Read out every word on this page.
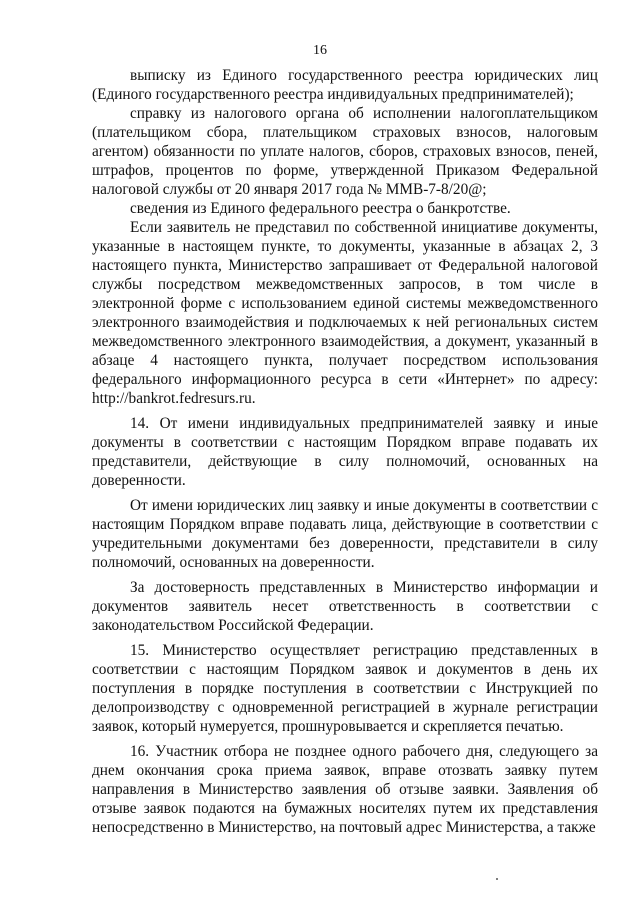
16

выписку из Единого государственного реестра юридических лиц (Единого государственного реестра индивидуальных предпринимателей);

справку из налогового органа об исполнении налогоплательщиком (плательщиком сбора, плательщиком страховых взносов, налоговым агентом) обязанности по уплате налогов, сборов, страховых взносов, пеней, штрафов, процентов по форме, утвержденной Приказом Федеральной налоговой службы от 20 января 2017 года № ММВ-7-8/20@;

сведения из Единого федерального реестра о банкротстве.

Если заявитель не представил по собственной инициативе документы, указанные в настоящем пункте, то документы, указанные в абзацах 2, 3 настоящего пункта, Министерство запрашивает от Федеральной налоговой службы посредством межведомственных запросов, в том числе в электронной форме с использованием единой системы межведомственного электронного взаимодействия и подключаемых к ней региональных систем межведомственного электронного взаимодействия, а документ, указанный в абзаце 4 настоящего пункта, получает посредством использования федерального информационного ресурса в сети «Интернет» по адресу: http://bankrot.fedresurs.ru.

14. От имени индивидуальных предпринимателей заявку и иные документы в соответствии с настоящим Порядком вправе подавать их представители, действующие в силу полномочий, основанных на доверенности.

От имени юридических лиц заявку и иные документы в соответствии с настоящим Порядком вправе подавать лица, действующие в соответствии с учредительными документами без доверенности, представители в силу полномочий, основанных на доверенности.

За достоверность представленных в Министерство информации и документов заявитель несет ответственность в соответствии с законодательством Российской Федерации.

15. Министерство осуществляет регистрацию представленных в соответствии с настоящим Порядком заявок и документов в день их поступления в порядке поступления в соответствии с Инструкцией по делопроизводству с одновременной регистрацией в журнале регистрации заявок, который нумеруется, прошнуровывается и скрепляется печатью.

16. Участник отбора не позднее одного рабочего дня, следующего за днем окончания срока приема заявок, вправе отозвать заявку путем направления в Министерство заявления об отзыве заявки. Заявления об отзыве заявок подаются на бумажных носителях путем их представления непосредственно в Министерство, на почтовый адрес Министерства, а также
